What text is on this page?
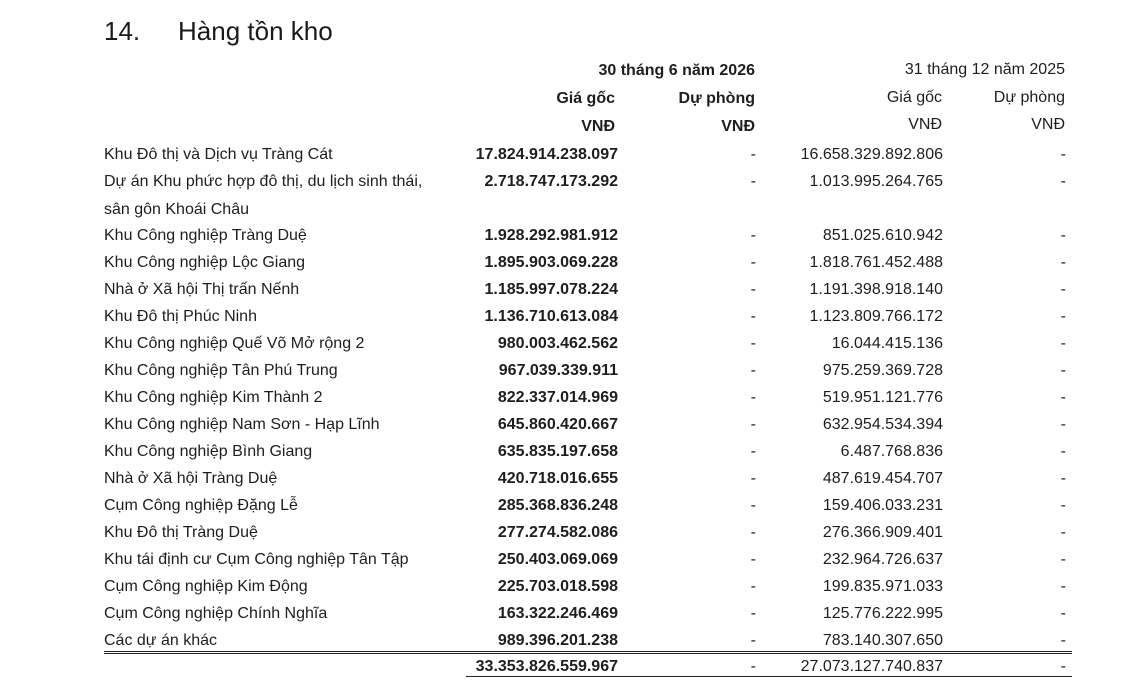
14. Hàng tồn kho
30 tháng 6 năm 2026	31 tháng 12 năm 2025
Giá gốc	Dự phòng	Giá gốc	Dự phòng
VNĐ	VNĐ	VNĐ	VNĐ
Khu Đô thị và Dịch vụ Tràng Cát	17.824.914.238.097	-	16.658.329.892.806	-
Dự án Khu phức hợp đô thị, du lịch sinh thái,
sân gôn Khoái Châu
2.718.747.173.292	-	1.013.995.264.765	-
Khu Công nghiệp Tràng Duệ	1.928.292.981.912	-	851.025.610.942	-
Khu Công nghiệp Lộc Giang	1.895.903.069.228	-	1.818.761.452.488	-
Nhà ở Xã hội Thị trấn Nếnh	1.185.997.078.224	-	1.191.398.918.140	-
Khu Đô thị Phúc Ninh	1.136.710.613.084	-	1.123.809.766.172	-
Khu Công nghiệp Quế Võ Mở rộng 2	980.003.462.562	-	16.044.415.136	-
Khu Công nghiệp Tân Phú Trung	967.039.339.911	-	975.259.369.728	-
Khu Công nghiệp Kim Thành 2	822.337.014.969	-	519.951.121.776	-
Khu Công nghiệp Nam Sơn - Hạp Lĩnh	645.860.420.667	-	632.954.534.394	-
Khu Công nghiệp Bình Giang	635.835.197.658	-	6.487.768.836	-
Nhà ở Xã hội Tràng Duệ	420.718.016.655	-	487.619.454.707	-
Cụm Công nghiệp Đặng Lễ	285.368.836.248	-	159.406.033.231	-
Khu Đô thị Tràng Duệ	277.274.582.086	-	276.366.909.401	-
Khu tái định cư Cụm Công nghiệp Tân Tập	250.403.069.069	-	232.964.726.637	-
Cụm Công nghiệp Kim Động	225.703.018.598	-	199.835.971.033	-
Cụm Công nghiệp Chính Nghĩa	163.322.246.469	-	125.776.222.995	-
Các dự án khác	989.396.201.238	-	783.140.307.650	-
33.353.826.559.967	-	27.073.127.740.837	-
